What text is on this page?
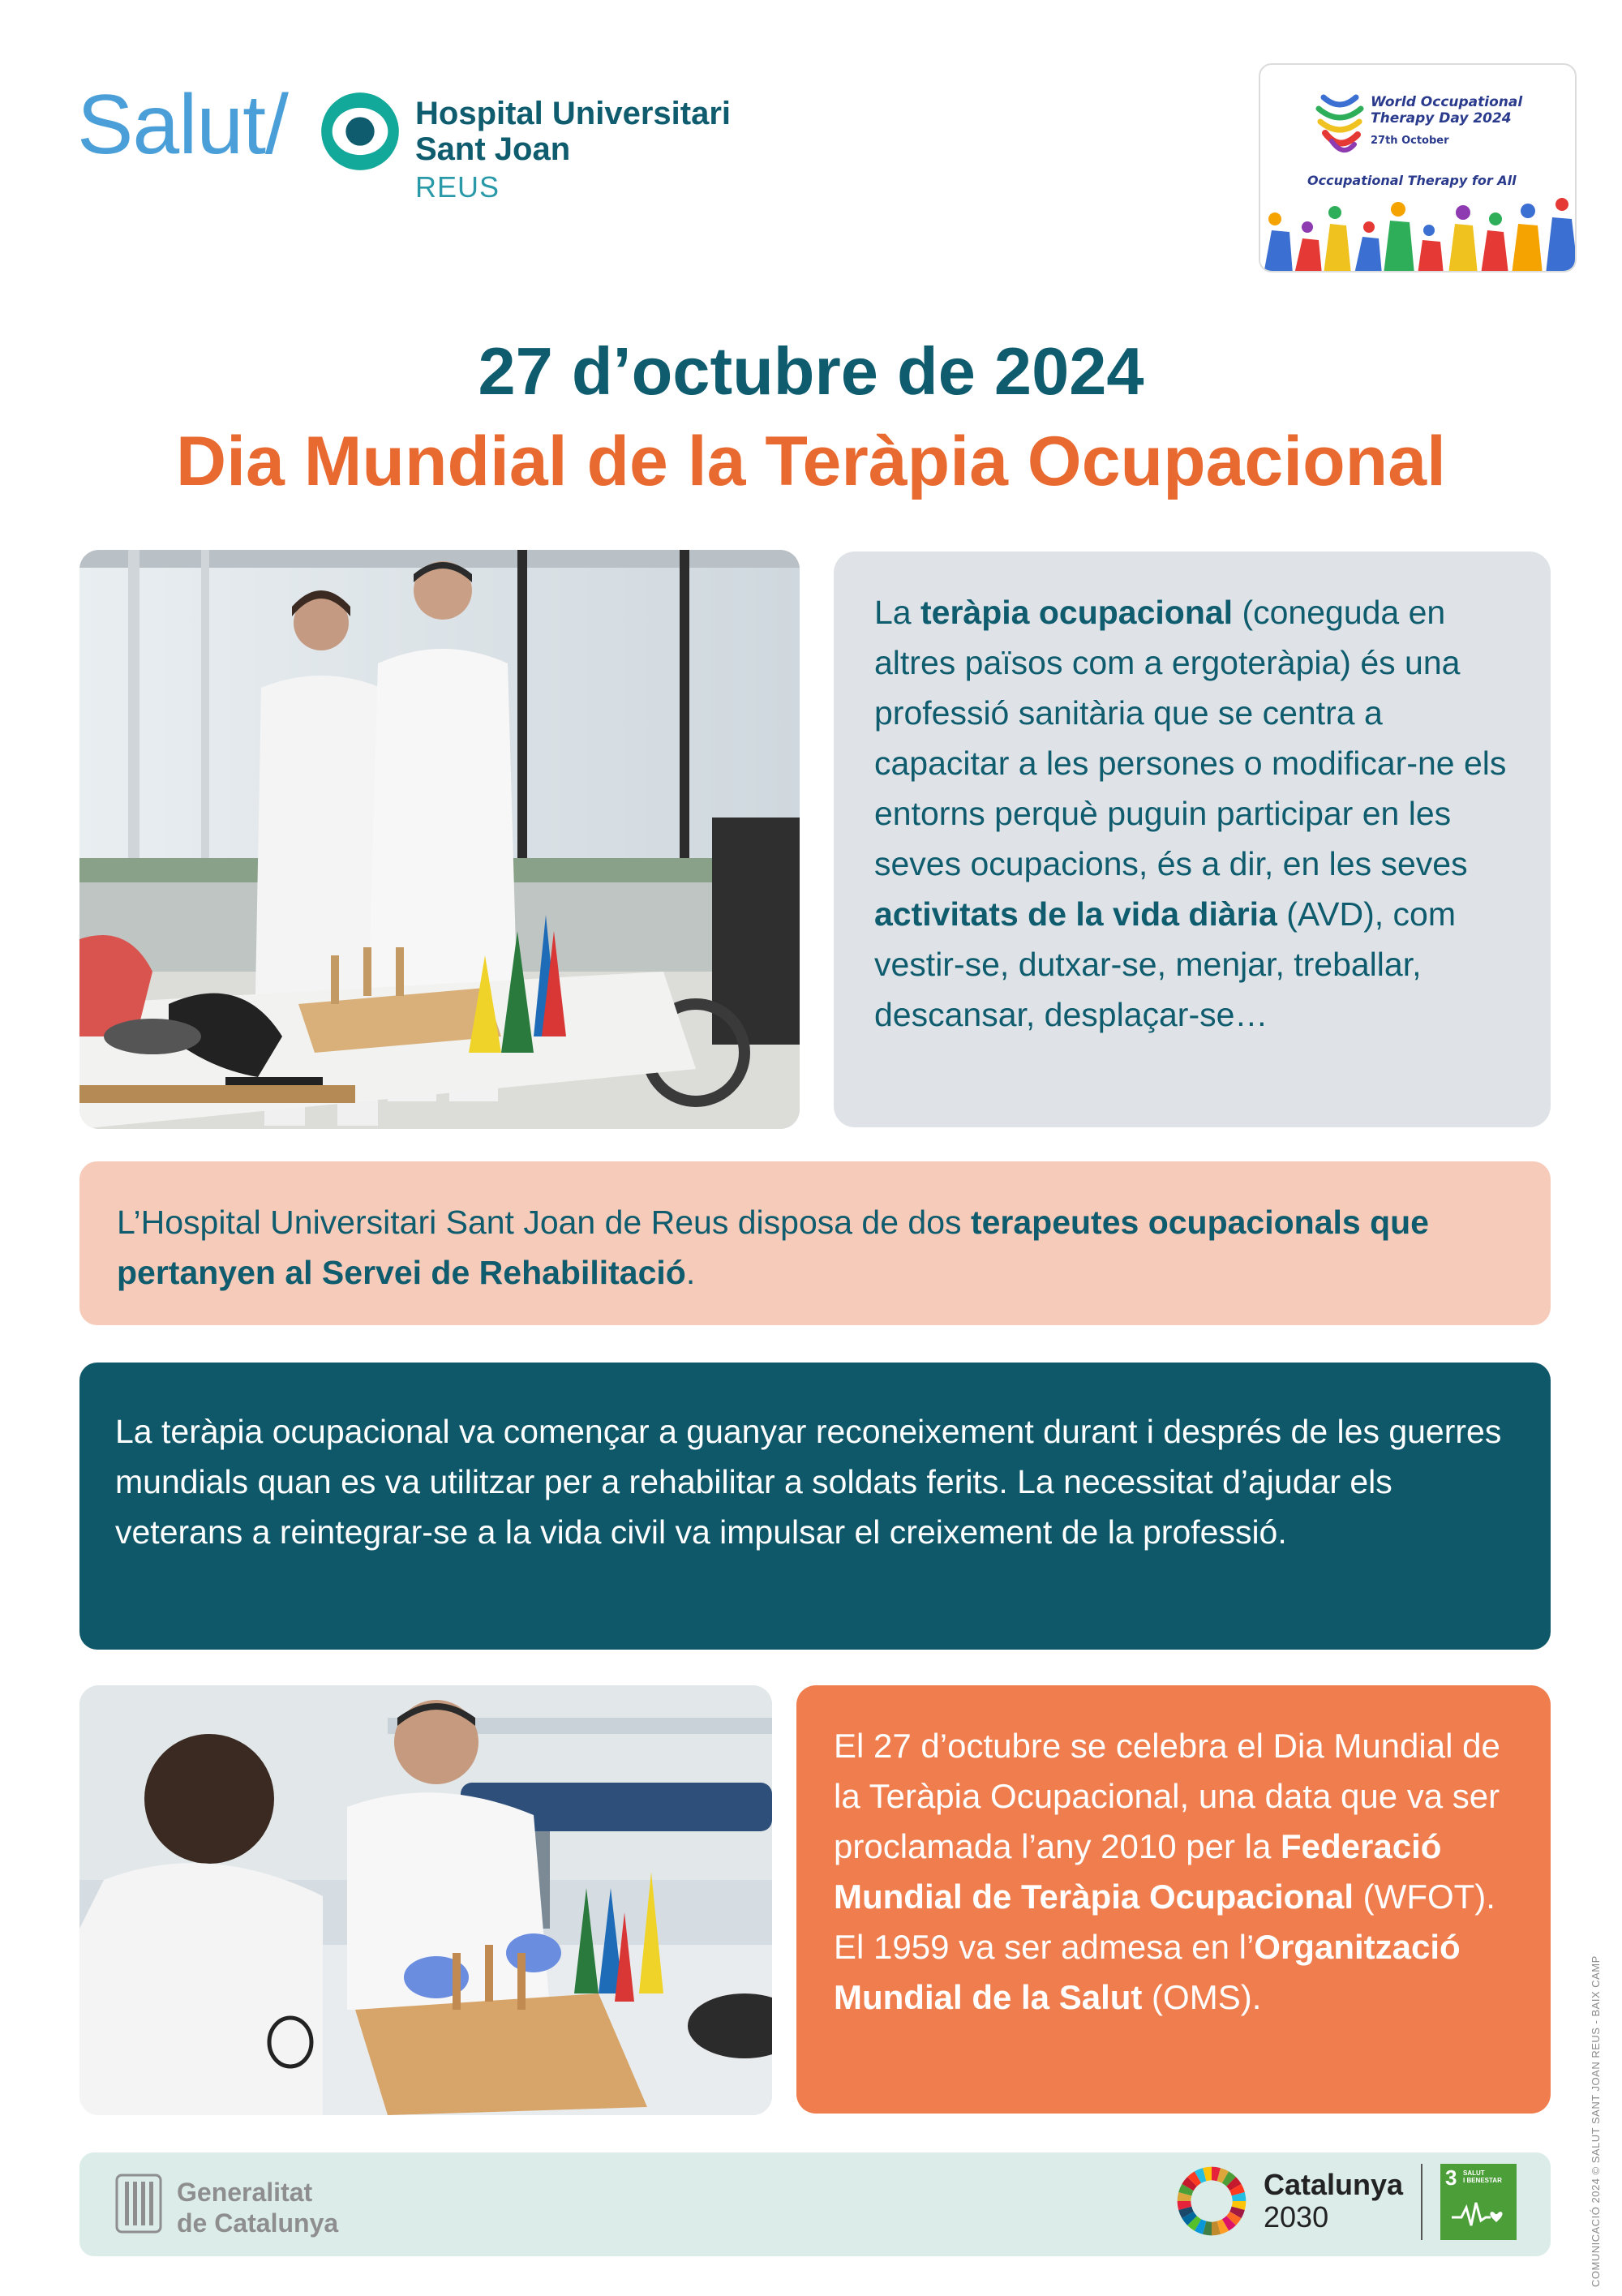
Salut/	Hospital Universitari
Sant Joan
REUS
World Occupational
Therapy Day 2024
27th October
Occupational Therapy for All
27 d’octubre de 2024
Dia Mundial de la Teràpia Ocupacional
La teràpia ocupacional (coneguda en altres països com a ergoteràpia) és una professió sanitària que se centra a capacitar a les persones o modificar-ne els entorns perquè puguin participar en les seves ocupacions, és a dir, en les seves activitats de la vida diària (AVD), com vestir-se, dutxar-se, menjar, treballar, descansar, desplaçar-se…
L’Hospital Universitari Sant Joan de Reus disposa de dos terapeutes ocupacionals que pertanyen al Servei de Rehabilitació.
La teràpia ocupacional va començar a guanyar reconeixement durant i després de les guerres mundials quan es va utilitzar per a rehabilitar a soldats ferits. La necessitat d’ajudar els veterans a reintegrar-se a la vida civil va impulsar el creixement de la professió.
El 27 d’octubre se celebra el Dia Mundial de la Teràpia Ocupacional, una data que va ser proclamada l’any 2010 per la Federació Mundial de Teràpia Ocupacional (WFOT). El 1959 va ser admesa en l’Organització Mundial de la Salut (OMS).
Generalitat
de Catalunya
Catalunya
2030
3 SALUT
I BENESTAR	COMUNICACIÓ 2024 © SALUT SANT JOAN REUS - BAIX CAMP
